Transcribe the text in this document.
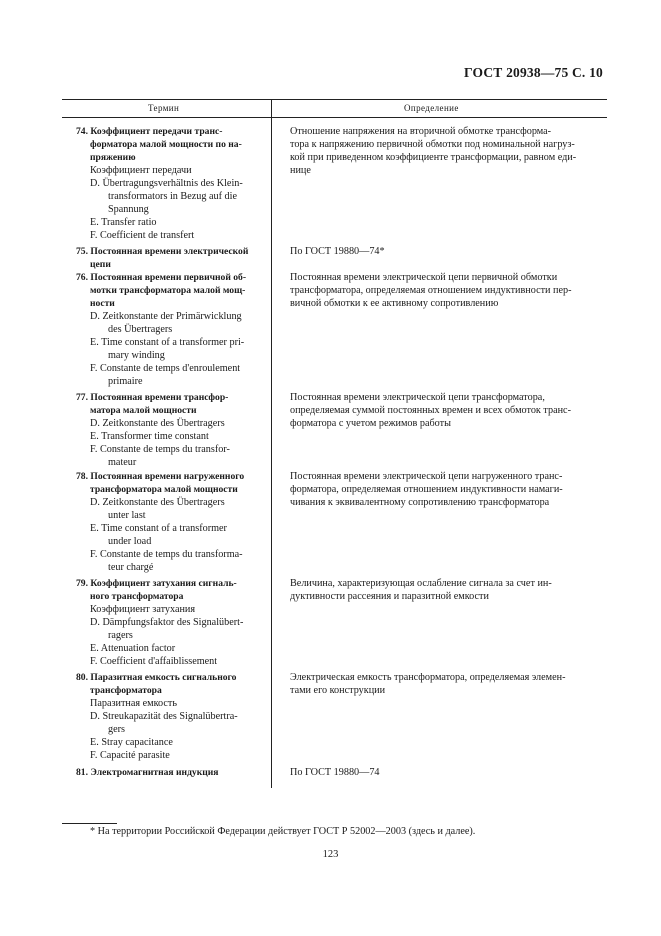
ГОСТ 20938—75 С. 10
Термин	Определение
74. Коэффициент передачи транс-
форматора малой мощности по на-
пряжению
Коэффициент передачи
D. Übertragungsverhältnis des Klein-
transformators in Bezug auf die
Spannung
E. Transfer ratio
F. Coefficient de transfert
Отношение напряжения на вторичной обмотке трансформа-
тора к напряжению первичной обмотки под номинальной нагруз-
кой при приведенном коэффициенте трансформации, равном еди-
нице
75. Постоянная времени электрической
цепи
По ГОСТ 19880—74*
76. Постоянная времени первичной об-
мотки трансформатора малой мощ-
ности
D. Zeitkonstante der Primärwicklung
des Übertragers
E. Time constant of a transformer pri-
mary winding
F. Constante de temps d'enroulement
primaire
Постоянная времени электрической цепи первичной обмотки
трансформатора, определяемая отношением индуктивности пер-
вичной обмотки к ее активному сопротивлению
77. Постоянная времени трансфор-
матора малой мощности
D. Zeitkonstante des Übertragers
E. Transformer time constant
F. Constante de temps du transfor-
mateur
Постоянная времени электрической цепи трансформатора,
определяемая суммой постоянных времен и всех обмоток транс-
форматора с учетом режимов работы
78. Постоянная времени нагруженного
трансформатора малой мощности
D. Zeitkonstante des Übertragers
unter last
E. Time constant of a transformer
under load
F. Constante de temps du transforma-
teur chargé
Постоянная времени электрической цепи нагруженного транс-
форматора, определяемая отношением индуктивности намаги-
чивания к эквивалентному сопротивлению трансформатора
79. Коэффициент затухания сигналь-
ного трансформатора
Коэффициент затухания
D. Dämpfungsfaktor des Signalübert-
ragers
E. Attenuation factor
F. Coefficient d'affaiblissement
Величина, характеризующая ослабление сигнала за счет ин-
дуктивности рассеяния и паразитной емкости
80. Паразитная емкость сигнального
трансформатора
Паразитная емкость
D. Streukapazität des Signalübertra-
gers
E. Stray capacitance
F. Capacité parasite
Электрическая емкость трансформатора, определяемая элемен-
тами его конструкции
81. Электромагнитная индукция	По ГОСТ 19880—74
* На территории Российской Федерации действует ГОСТ Р 52002—2003 (здесь и далее).
123
